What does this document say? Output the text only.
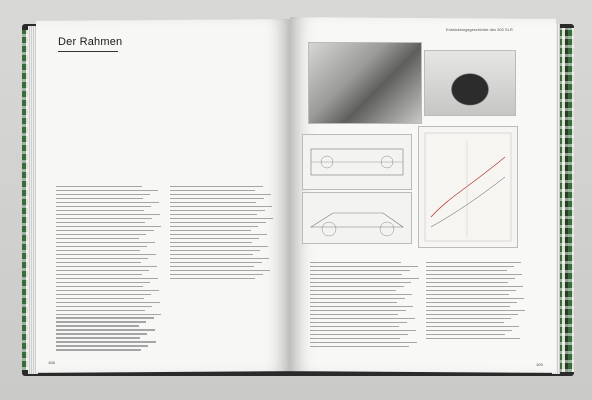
Der Rahmen
Entwicklungsgeschichte des 300 SLR
108	109
